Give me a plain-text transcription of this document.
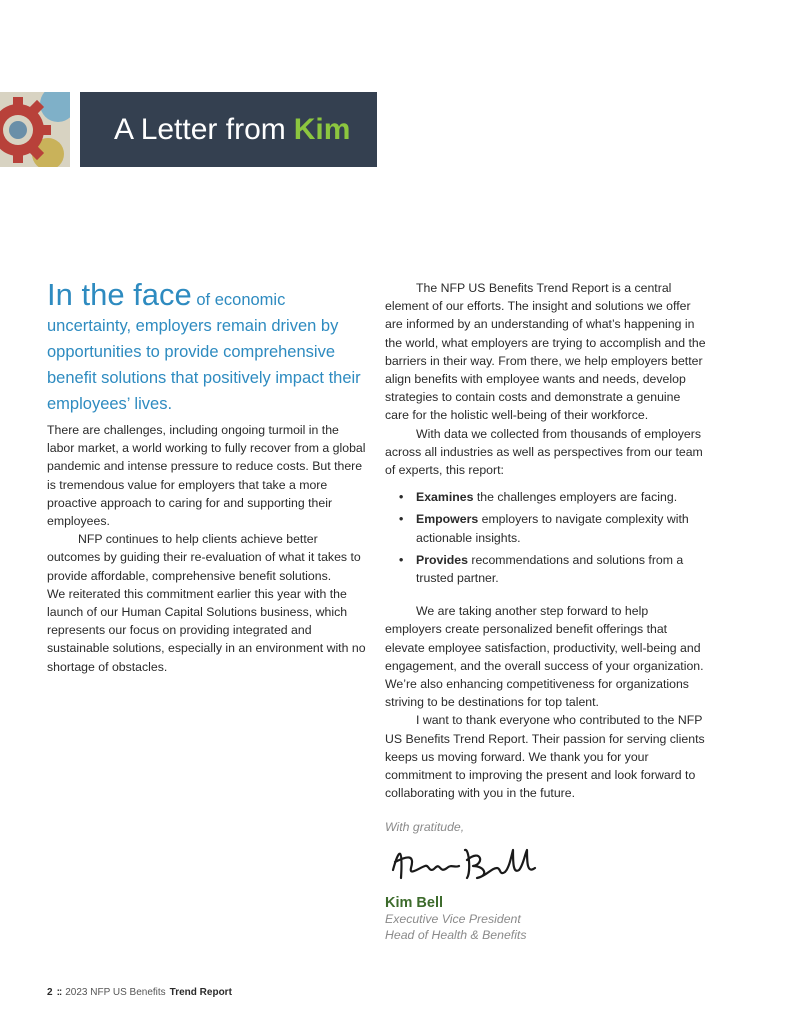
A Letter from Kim

In the face of economic uncertainty, employers remain driven by opportunities to provide comprehensive benefit solutions that positively impact their employees’ lives.

There are challenges, including ongoing turmoil in the labor market, a world working to fully recover from a global pandemic and intense pressure to reduce costs. But there is tremendous value for employers that take a more proactive approach to caring for and supporting their employees.

NFP continues to help clients achieve better outcomes by guiding their re-evaluation of what it takes to provide affordable, comprehensive benefit solutions.

We reiterated this commitment earlier this year with the launch of our Human Capital Solutions business, which represents our focus on providing integrated and sustainable solutions, especially in an environment with no shortage of obstacles.

The NFP US Benefits Trend Report is a central element of our efforts. The insight and solutions we offer are informed by an understanding of what’s happening in the world, what employers are trying to accomplish and the barriers in their way. From there, we help employers better align benefits with employee wants and needs, develop strategies to contain costs and demonstrate a genuine care for the holistic well-being of their workforce.

With data we collected from thousands of employers across all industries as well as perspectives from our team of experts, this report:

• Examines the challenges employers are facing.
• Empowers employers to navigate complexity with actionable insights.
• Provides recommendations and solutions from a trusted partner.

We are taking another step forward to help employers create personalized benefit offerings that elevate employee satisfaction, productivity, well-being and engagement, and the overall success of your organization. We’re also enhancing competitiveness for organizations striving to be destinations for top talent.

I want to thank everyone who contributed to the NFP US Benefits Trend Report. Their passion for serving clients keeps us moving forward. We thank you for your commitment to improving the present and look forward to collaborating with you in the future.

With gratitude,
Kim Bell
Executive Vice President
Head of Health & Benefits
2 :: 2023 NFP US Benefits Trend Report
